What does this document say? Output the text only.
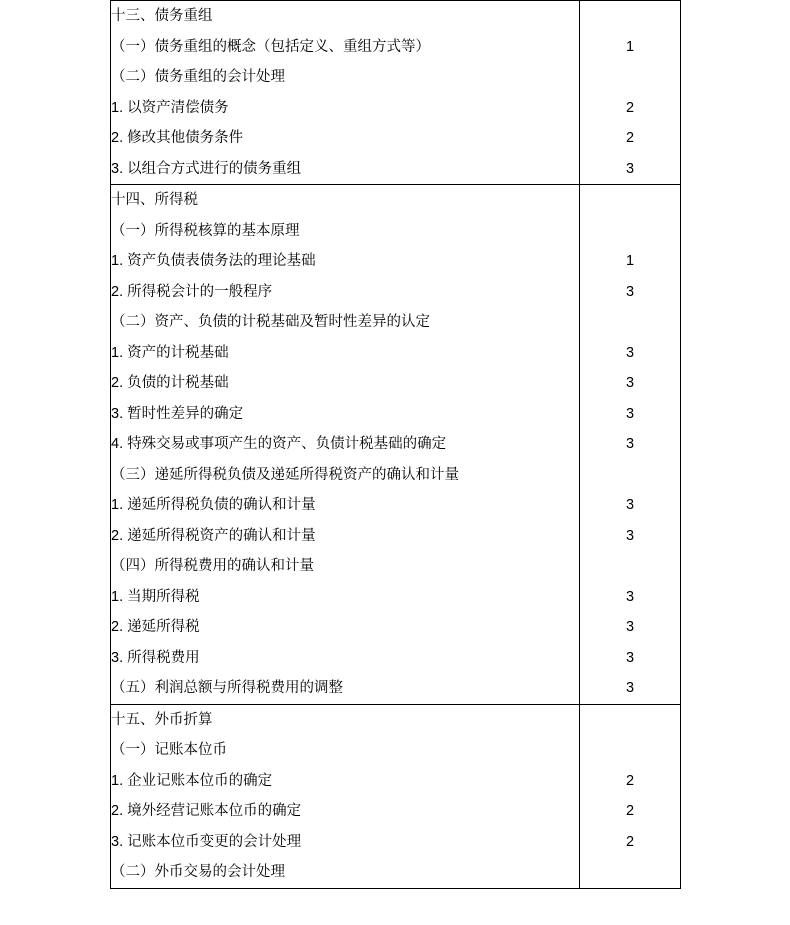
十三、债务重组	
（一）债务重组的概念（包括定义、重组方式等）	1
（二）债务重组的会计处理	
1. 以资产清偿债务	2
2. 修改其他债务条件	2
3. 以组合方式进行的债务重组	3
十四、所得税	
（一）所得税核算的基本原理	
1. 资产负债表债务法的理论基础	1
2. 所得税会计的一般程序	3
（二）资产、负债的计税基础及暂时性差异的认定	
1. 资产的计税基础	3
2. 负债的计税基础	3
3. 暂时性差异的确定	3
4. 特殊交易或事项产生的资产、负债计税基础的确定	3
（三）递延所得税负债及递延所得税资产的确认和计量	
1. 递延所得税负债的确认和计量	3
2. 递延所得税资产的确认和计量	3
（四）所得税费用的确认和计量	
1. 当期所得税	3
2. 递延所得税	3
3. 所得税费用	3
（五）利润总额与所得税费用的调整	3
十五、外币折算	
（一）记账本位币	
1. 企业记账本位币的确定	2
2. 境外经营记账本位币的确定	2
3. 记账本位币变更的会计处理	2
（二）外币交易的会计处理	
